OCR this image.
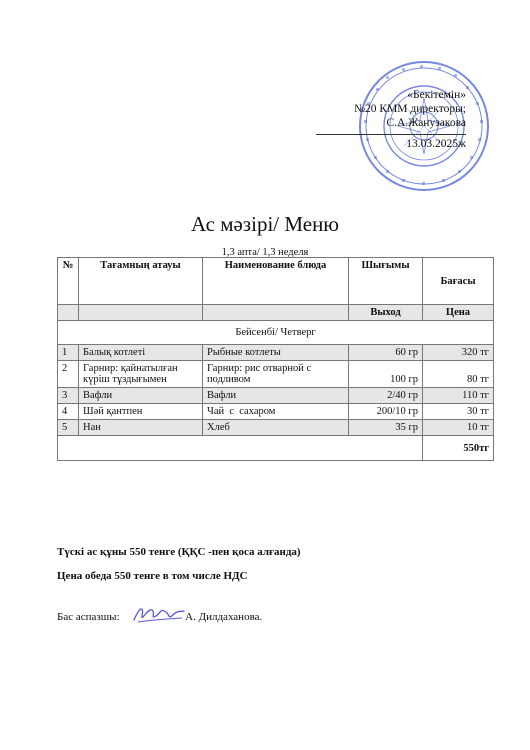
«Бекітемін»
№20 КММ директоры;
С.А.Жанузакова
13.03.2025ж
Ас мәзірі/ Меню
1,3 апта/ 1,3 неделя
№	Тағамның атауы	Наименование блюда	Шығымы	Бағасы

			Выход	Цена
Бейсенбі/ Четверг				
1	Балық котлеті	Рыбные котлеты	60 гр	320 тг
2	Гарнир: қайнатылған күріш тұздығымен	Гарнир: рис отварной с подливом	100 гр	80 тг
3	Вафли	Вафли	2/40 гр	110 тг
4	Шәй қантпен	Чай  с  сахаром	200/10 гр	30 тг
5	Нан	Хлеб	35 гр	10 тг
				550тг
Түскі ас құны 550 тенге (ҚҚС -пен қоса алғанда)
Цена обеда 550 тенге в том числе НДС
Бас аспазшы:	А. Дилдаханова.
